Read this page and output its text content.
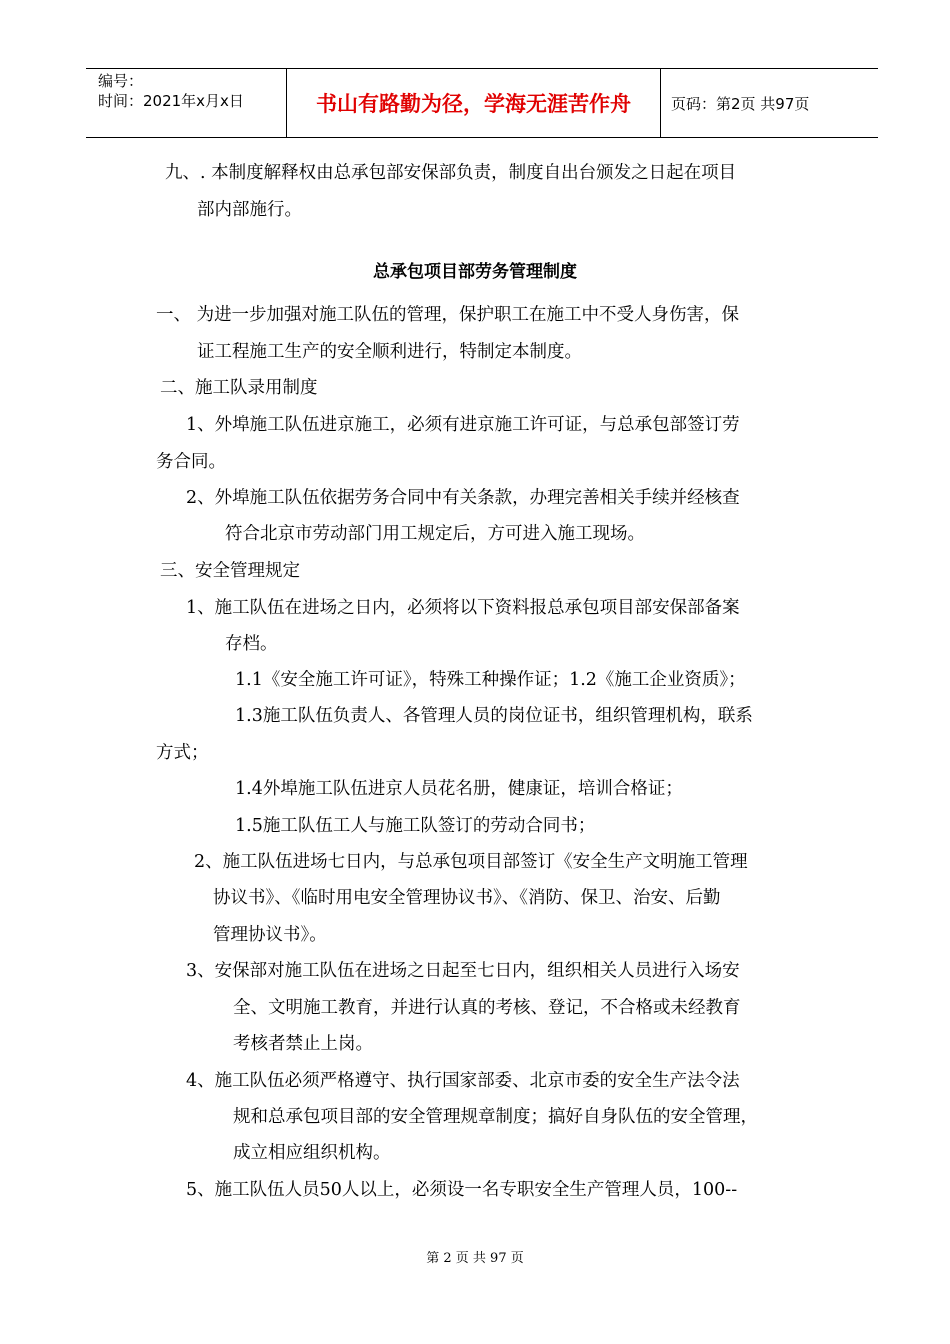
编号：
时间：2021年x月x日	书山有路勤为径，学海无涯苦作舟	页码：第2页 共97页
九、. 本制度解释权由总承包部安保部负责，制度自出台颁发之日起在项目
部内部施行。
总承包项目部劳务管理制度
一、 为进一步加强对施工队伍的管理，保护职工在施工中不受人身伤害，保
证工程施工生产的安全顺利进行，特制定本制度。
二、施工队录用制度
1、外埠施工队伍进京施工，必须有进京施工许可证，与总承包部签订劳
务合同。
2、外埠施工队伍依据劳务合同中有关条款，办理完善相关手续并经核查
符合北京市劳动部门用工规定后，方可进入施工现场。
三、安全管理规定
1、施工队伍在进场之日内，必须将以下资料报总承包项目部安保部备案
存档。
1.1《安全施工许可证》，特殊工种操作证；1.2《施工企业资质》；
1.3施工队伍负责人、各管理人员的岗位证书，组织管理机构，联系
方式；
1.4外埠施工队伍进京人员花名册，健康证，培训合格证；
1.5施工队伍工人与施工队签订的劳动合同书；
2、施工队伍进场七日内，与总承包项目部签订《安全生产文明施工管理
协议书》、《临时用电安全管理协议书》、《消防、保卫、治安、后勤
管理协议书》。
3、安保部对施工队伍在进场之日起至七日内，组织相关人员进行入场安
全、文明施工教育，并进行认真的考核、登记，不合格或未经教育
考核者禁止上岗。
4、施工队伍必须严格遵守、执行国家部委、北京市委的安全生产法令法
规和总承包项目部的安全管理规章制度；搞好自身队伍的安全管理，
成立相应组织机构。
5、施工队伍人员50人以上，必须设一名专职安全生产管理人员，100--
第 2 页 共 97 页
